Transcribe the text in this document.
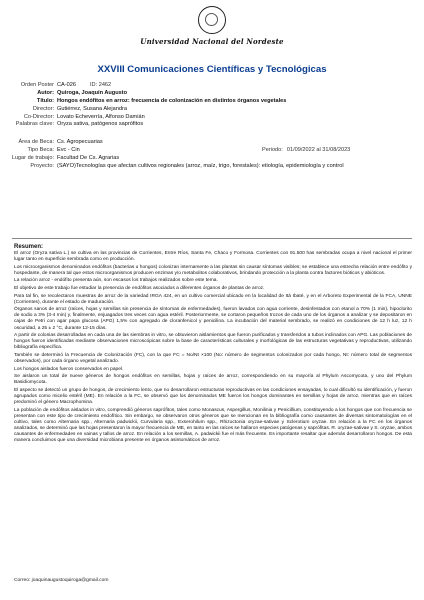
Universidad Nacional del Nordeste
XXVIII Comunicaciones Científicas y Tecnológicas
Orden Poster CA-026	ID: 2462
Autor: Quiroga, Joaquín Augusto
Título: Hongos endófitos en arroz: frecuencia de colonización en distintos órganos vegetales
Director: Gutiérrez, Susana Alejandra
Co-Director: Lovato Echeverría, Alfonso Damián
Palabras clave: Oryza sativa, patógenos saprófitos
Área de Beca: Cs. Agropecuarias
Tipo Beca: Evc - Cin	Periodo: 01/09/2022 al 31/08/2023
Lugar de trabajo: Facultad De Cs. Agrarias
Proyecto: (SAYO)Tecnologías que afectan cultivos regionales (arroz, maíz, trigo, forestales): etiología, epidemiología y control
Resumen:

El arroz (Oryza sativa L.) se cultiva en las provincias de Corrientes, Entre Ríos, Santa Fe, Chaco y Formosa. Corrientes con 91.500 has sembradas ocupa a nivel nacional el primer lugar tanto en superficie sembrada como en producción.

Los microorganismos denominados endófitos (bacterias u hongos) colonizan internamente a las plantas sin causar síntomas visibles; se establece una estrecha relación entre endófito y hospedante, de manera tal que estos microorganismos producen enzimas y/o metabolitos colaborativos, brindando protección a la planta contra factores bióticos y abióticos.

La relación arroz - endófito presenta aún, son escasos los trabajos realizados sobre este tema.

El objetivo de este trabajo fue estudiar la presencia de endófitos asociados a diferentes órganos de plantas de arroz.

Para tal fin, se recolectaron muestras de arroz de la variedad IRGA 424, en un cultivo comercial ubicado en la localidad de Itá Ibaté, y en el Arboreto Experimental de la FCA, UNNE (Corrientes), durante el estado de maduración.

Órganos sanos de arroz (raíces, hojas y semillas sin presencia de síntomas de enfermedades), fueron lavados con agua corriente, desinfestados con etanol a 70% (1 min), hipoclorito de sodio a 3% (3-4 min) y, finalmente, enjuagados tres veces con agua estéril. Posteriormente, se cortaron pequeños trozos de cada uno de los órganos a analizar y se depositaron en cajas de Petri con agar papa glucosa (APG) 1,5% con agregado de cloranfenicol y penicilina. La incubación del material sembrado, se realizó en condiciones de 12 h luz, 12 h oscuridad, a 25 ± 2 °C, durante 12-15 días.

A partir de colonias desarrolladas en cada una de las siembras in vitro, se obtuvieron aislamientos que fueron purificados y transferidos a tubos inclinados con APG. Las poblaciones de hongos fueron identificadas mediante observaciones microscópicas sobre la base de características culturales y morfológicas de las estructuras vegetativas y reproductivas, utilizando bibliografía específica.

También se determinó la Frecuencia de Colonización (FC), con la que FC = No/Nt ×100 (No: número de segmentos colonizados por cada hongo, Nt: número total de segmentos observados), por cada órgano vegetal analizado.

Los hongos aislados fueron conservados en papel.

Se aislaron un total de nueve géneros de hongos endófitos en semillas, hojas y raíces de arroz, correspondiendo en su mayoría al Phylum Ascomycota, y uno del Phylum Basidiomycota.

El aspecto se detectó un grupo de hongos, de crecimiento lento, que no desarrollaron estructuras reproductivas en las condiciones ensayadas, lo cual dificultó su identificación, y fueron agrupados como micelio estéril (ME). En relación a la FC, se observó que los denominados ME fueron los hongos dominantes en semillas y hojas de arroz, mientras que en raíces predominó el género Macrophomina.

La población de endófitos aislados in vitro, comprendió géneros saprófitos, tales como Monascus, Aspergillus, Monilinia y Penicillium, constituyendo a los hongos que con frecuencia se presentan con este tipo de crecimiento endofítico. Sin embargo, se observaron otros géneros que se mencionan en la bibliografía como causantes de diversas sintomatologías en el cultivo, tales como Alternaria spp., Alternaria padwickii, Curvularia spp., Exserohilum spp., Rhizoctonia oryzae-sativae y Sclerotium oryzae. En relación a la FC en los órganos analizados, se determinó que las hojas presentaron la mayor frecuencia de ME, en tanto en las raíces se hallaron especies patógenas y saprófitas. R. oryzae-sativae y S. oryzae, ambos causantes de enfermedades en vainas y tallos de arroz. En relación a los semillas, A. padwickii fue el más frecuente. Es importante resaltar que además desarrollaron hongos. De esta manera concluimos que una diversidad microbiana presente en órganos asintomáticos de arroz.

Correo: joaquinaugustoquiroga@gmail.com
